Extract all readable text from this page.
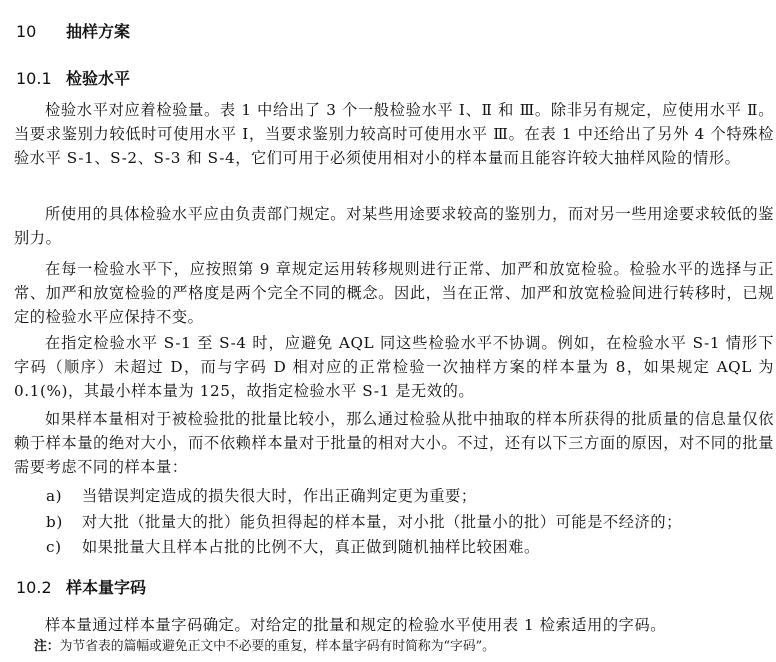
10 抽样方案
10.1 检验水平
检验水平对应着检验量。表 1 中给出了 3 个一般检验水平 Ⅰ、Ⅱ 和 Ⅲ。除非另有规定，应使用水平 Ⅱ。当要求鉴别力较低时可使用水平 Ⅰ，当要求鉴别力较高时可使用水平 Ⅲ。在表 1 中还给出了另外 4 个特殊检验水平 S-1、S-2、S-3 和 S-4，它们可用于必须使用相对小的样本量而且能容许较大抽样风险的情形。
所使用的具体检验水平应由负责部门规定。对某些用途要求较高的鉴别力，而对另一些用途要求较低的鉴别力。
在每一检验水平下，应按照第 9 章规定运用转移规则进行正常、加严和放宽检验。检验水平的选择与正常、加严和放宽检验的严格度是两个完全不同的概念。因此，当在正常、加严和放宽检验间进行转移时，已规定的检验水平应保持不变。
在指定检验水平 S-1 至 S-4 时，应避免 AQL 同这些检验水平不协调。例如，在检验水平 S-1 情形下字码（顺序）未超过 D，而与字码 D 相对应的正常检验一次抽样方案的样本量为 8，如果规定 AQL 为 0.1(%)，其最小样本量为 125，故指定检验水平 S-1 是无效的。
如果样本量相对于被检验批的批量比较小，那么通过检验从批中抽取的样本所获得的批质量的信息量仅依赖于样本量的绝对大小，而不依赖样本量对于批量的相对大小。不过，还有以下三方面的原因，对不同的批量需要考虑不同的样本量：
a) 当错误判定造成的损失很大时，作出正确判定更为重要；
b) 对大批（批量大的批）能负担得起的样本量，对小批（批量小的批）可能是不经济的；
c) 如果批量大且样本占批的比例不大，真正做到随机抽样比较困难。
10.2 样本量字码
样本量通过样本量字码确定。对给定的批量和规定的检验水平使用表 1 检索适用的字码。
注：为节省表的篇幅或避免正文中不必要的重复，样本量字码有时简称为“字码”。
